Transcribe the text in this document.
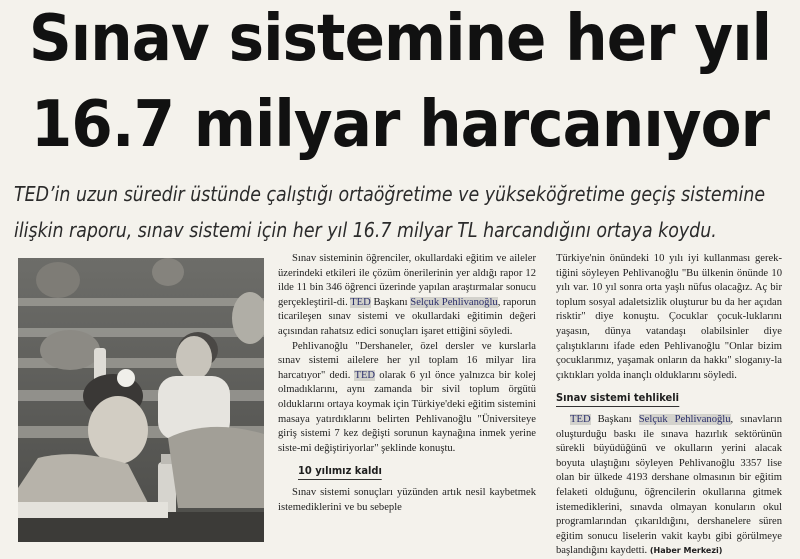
Sınav sistemine her yıl
16.7 milyar harcanıyor

TED’in uzun süredir üstünde çalıştığı ortaöğretime ve yükseköğretime geçiş sistemine

ilişkin raporu, sınav sistemi için her yıl 16.7 milyar TL harcandığını ortaya koydu.

Sınav sisteminin öğrenciler, okullardaki eğitim ve aileler üzerindeki etkileri ile çözüm önerilerinin yer aldığı rapor 12 ilde 11 bin 346 öğrenci üzerinde yapılan araştırmalar sonucu gerçekleştiril-di. TED Başkanı Selçuk Pehlivanoğlu, raporun ticarileşen sınav sistemi ve okullardaki eğitimin değeri açısından rahatsız edici sonuçları işaret ettiğini söyledi.

Pehlivanoğlu "Dershaneler, özel dersler ve kurslarla sınav sistemi ailelere her yıl toplam 16 milyar lira harcatıyor" dedi. TED olarak 6 yıl önce yalnızca bir kolej olmadıklarını, aynı zamanda bir sivil toplum örgütü olduklarını ortaya koymak için Türkiye'deki eğitim sistemini masaya yatırdıklarını belirten Pehlivanoğlu "Üniversiteye giriş sistemi 7 kez değişti sorunun kaynağına inmek yerine siste-mi değiştiriyorlar" şeklinde konuştu.

10 yılımız kaldı

Sınav sistemi sonuçları yüzünden artık nesil kaybetmek istemediklerini ve bu sebeple

Türkiye'nin önündeki 10 yılı iyi kullanması gerek-tiğini söyleyen Pehlivanoğlu "Bu ülkenin önünde 10 yılı var. 10 yıl sonra orta yaşlı nüfus olacağız. Aç bir toplum sosyal adaletsizlik oluşturur bu da her açıdan risktir" diye konuştu. Çocuklar çocuk-luklarını yaşasın, dünya vatandaşı olabilsinler diye çalıştıklarını ifade eden Pehlivanoğlu "Onlar bizim çocuklarımız, yaşamak onların da hakkı" sloganıy-la çıktıkları yolda inançlı olduklarını söyledi.

Sınav sistemi tehlikeli

TED Başkanı Selçuk Pehlivanoğlu, sınavların oluşturduğu baskı ile sınava hazırlık sektörünün sürekli büyüdüğünü ve okulların yerini alacak boyuta ulaştığını söyleyen Pehlivanoğlu 3357 lise olan bir ülkede 4193 dershane olmasının bir eğitim felaketi olduğunu, öğrencilerin okullarına gitmek istemediklerini, sınavda olmayan konuların okul programlarından çıkarıldığını, dershanelere süren eğitim sonucu liselerin vakit kaybı gibi görülmeye başlandığını kaydetti. (Haber Merkezi)
